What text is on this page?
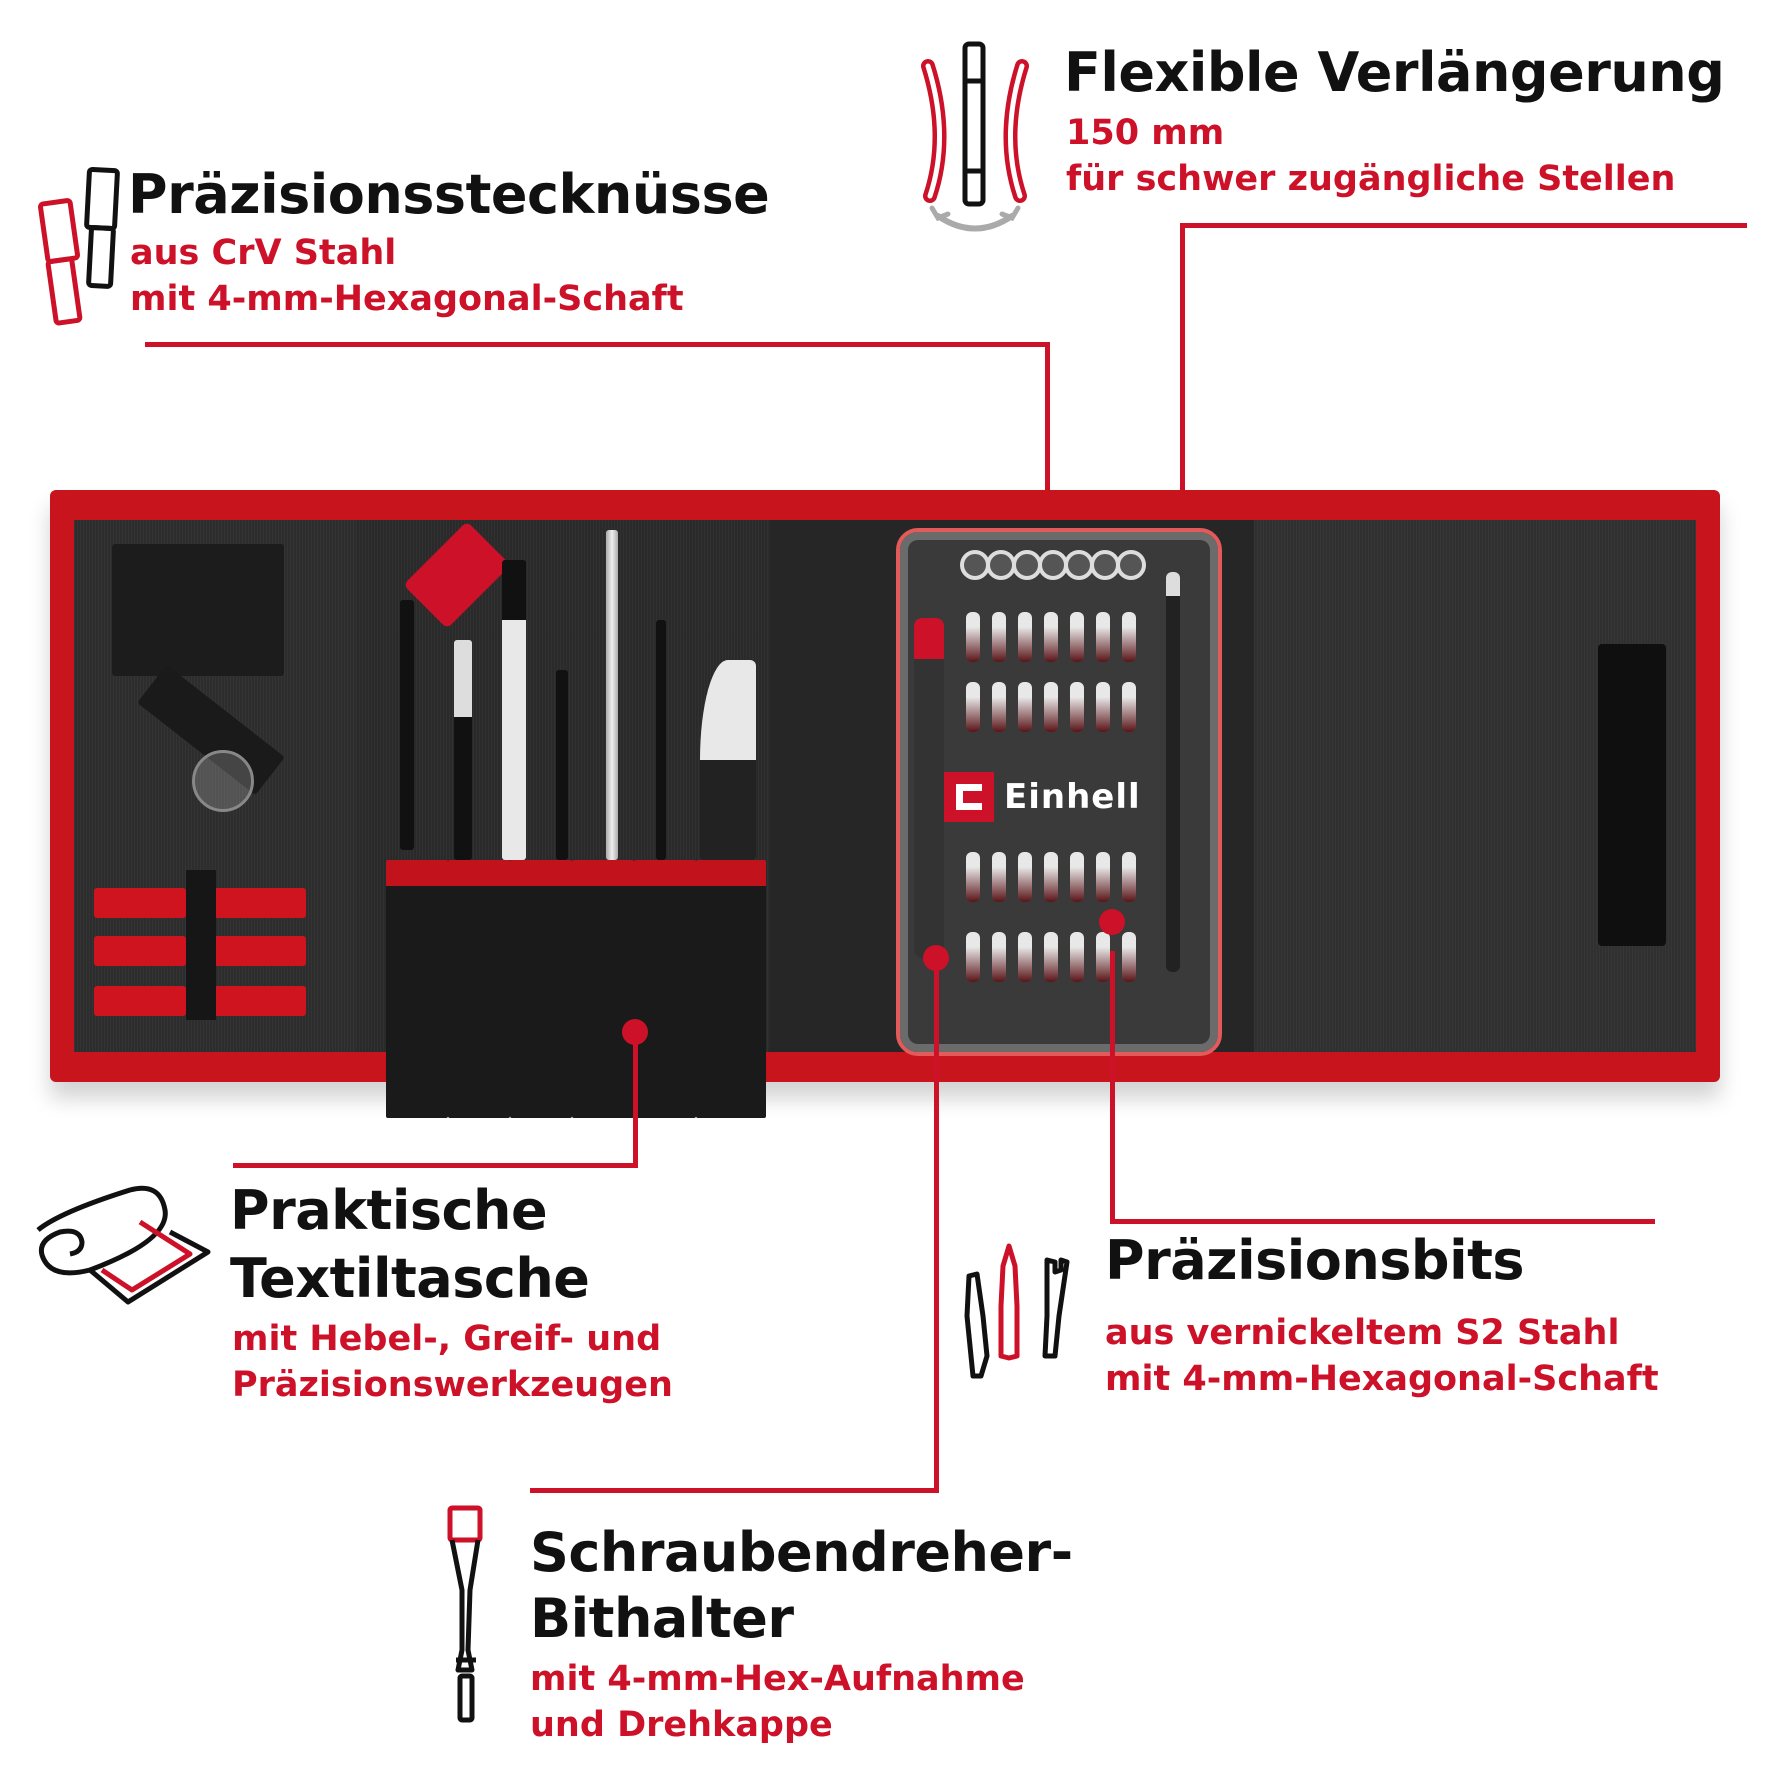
Präzisionsstecknüsse
aus CrV Stahl
mit 4-mm-Hexagonal-Schaft
Flexible Verlängerung
150 mm
für schwer zugängliche Stellen
Einhell
Praktische
Textiltasche
mit Hebel-, Greif- und
Präzisionswerkzeugen
Präzisionsbits
aus vernickeltem S2 Stahl
mit 4-mm-Hexagonal-Schaft
Schraubendreher-
Bithalter
mit 4-mm-Hex-Aufnahme
und Drehkappe
